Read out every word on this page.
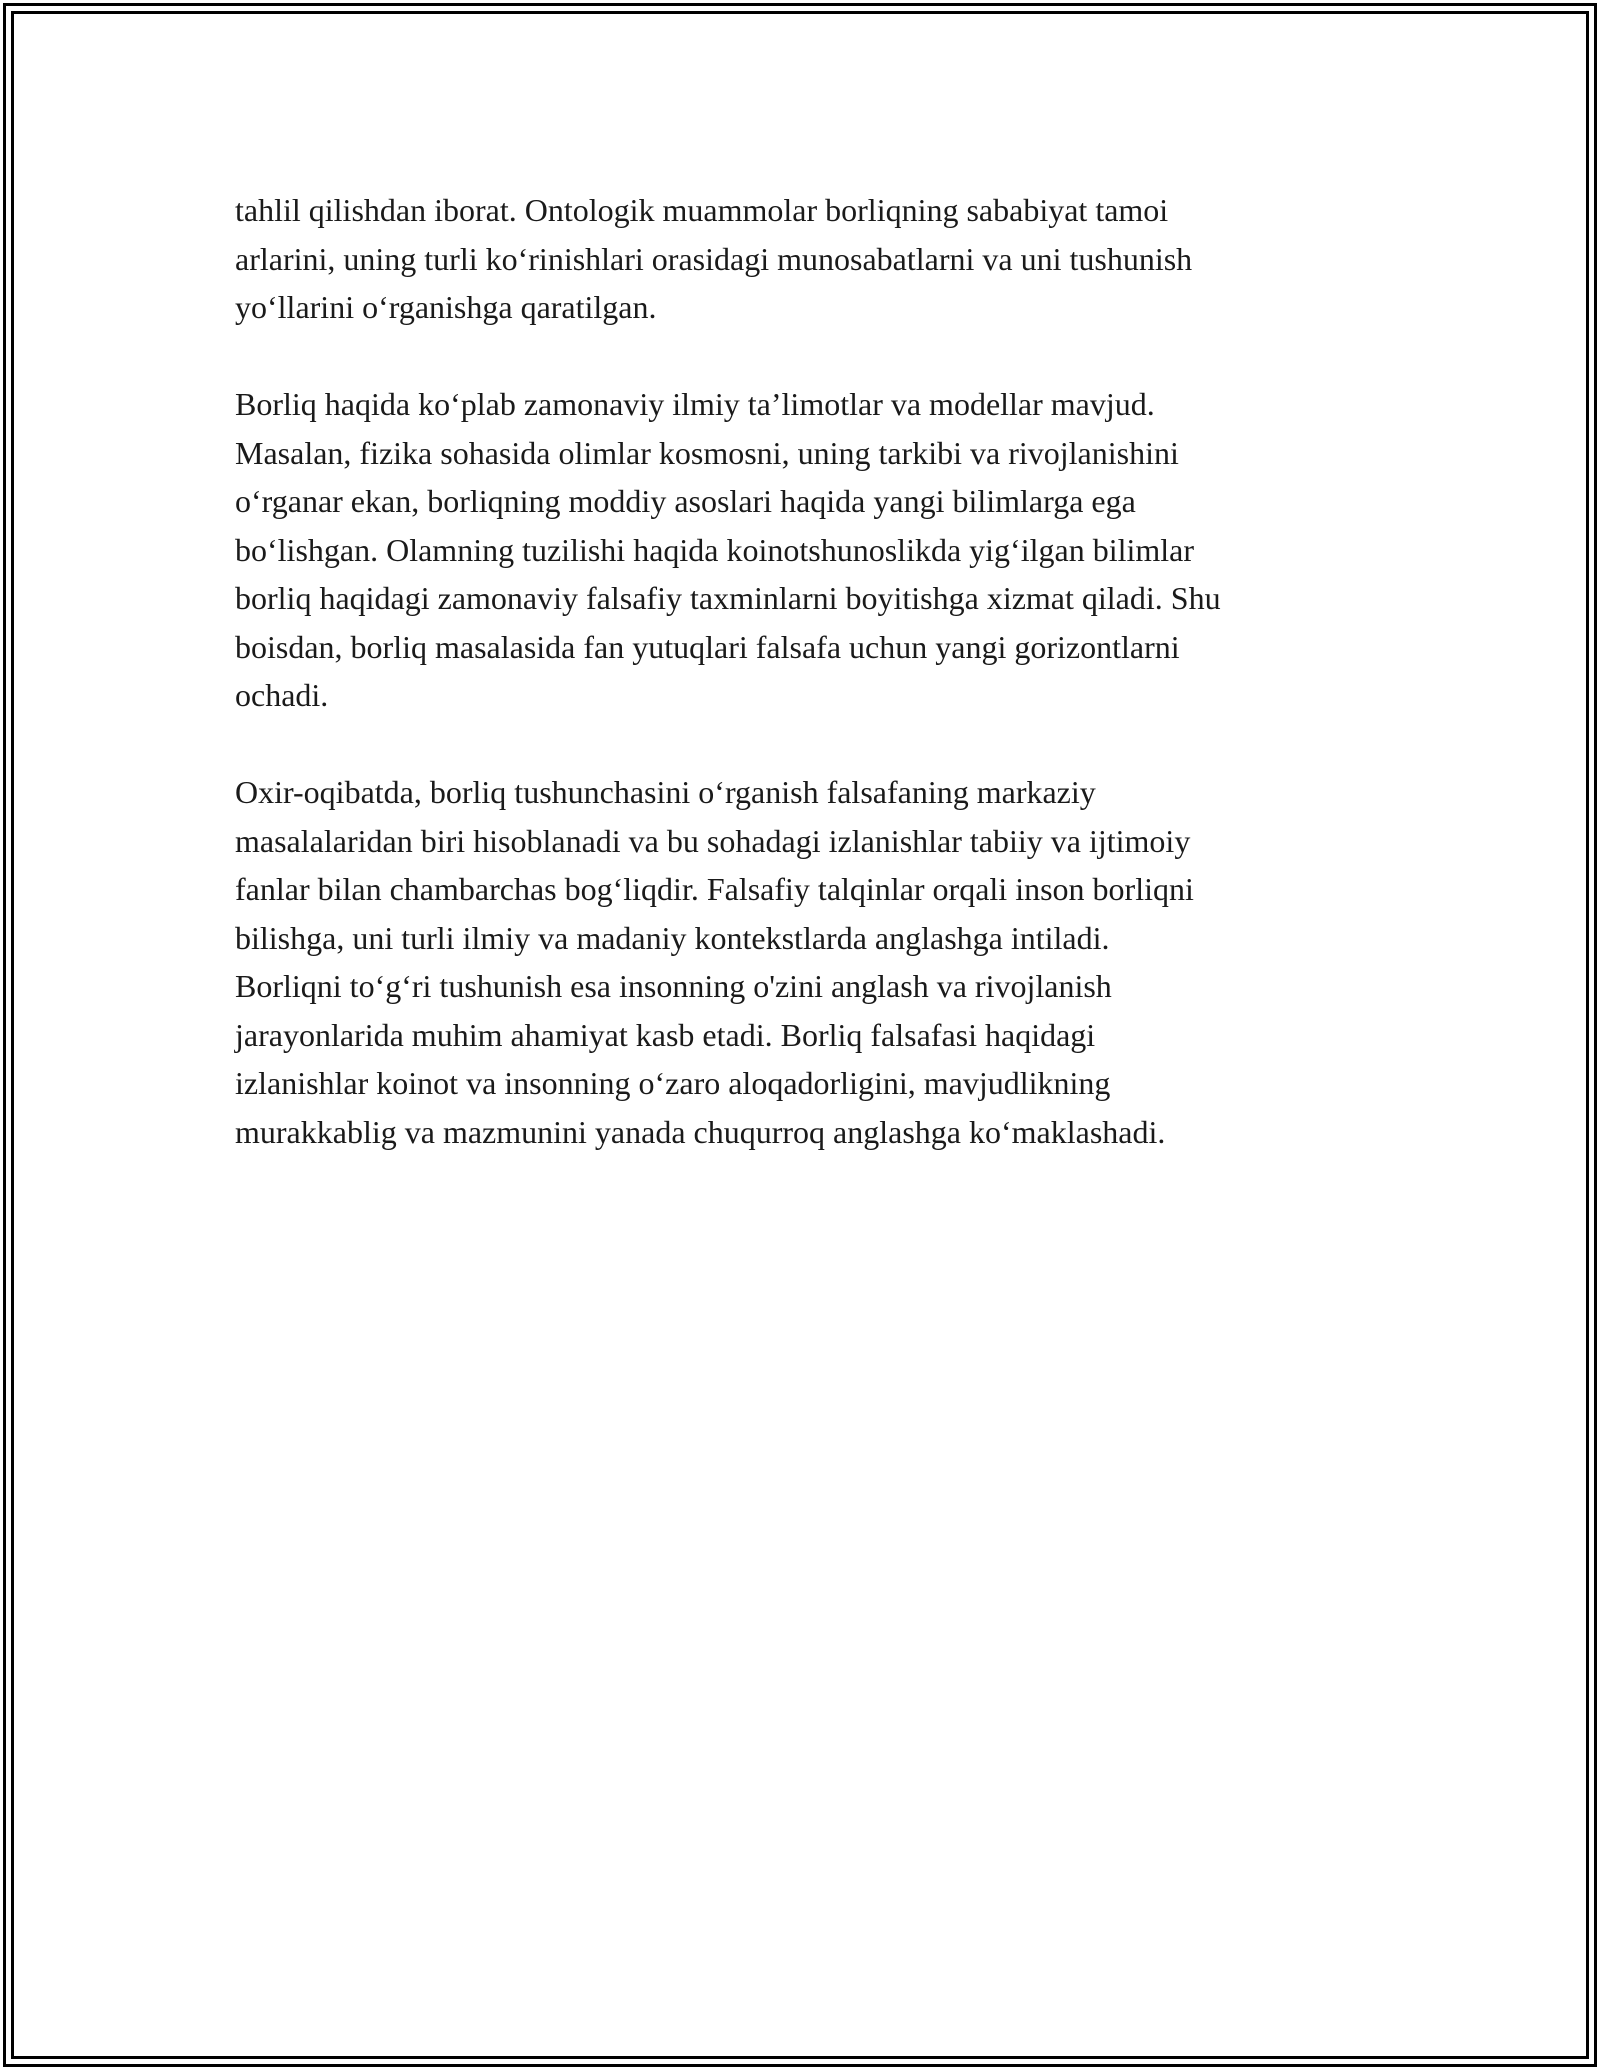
tahlil qilishdan iborat. Ontologik muammolar borliqning sababiyat tamoi
arlarini, uning turli ko‘rinishlari orasidagi munosabatlarni va uni tushunish
yo‘llarini o‘rganishga qaratilgan.

Borliq haqida ko‘plab zamonaviy ilmiy ta’limotlar va modellar mavjud.
Masalan, fizika sohasida olimlar kosmosni, uning tarkibi va rivojlanishini
o‘rganar ekan, borliqning moddiy asoslari haqida yangi bilimlarga ega
bo‘lishgan. Olamning tuzilishi haqida koinotshunoslikda yig‘ilgan bilimlar
borliq haqidagi zamonaviy falsafiy taxminlarni boyitishga xizmat qiladi. Shu
boisdan, borliq masalasida fan yutuqlari falsafa uchun yangi gorizontlarni
ochadi.

Oxir-oqibatda, borliq tushunchasini o‘rganish falsafaning markaziy
masalalaridan biri hisoblanadi va bu sohadagi izlanishlar tabiiy va ijtimoiy
fanlar bilan chambarchas bog‘liqdir. Falsafiy talqinlar orqali inson borliqni
bilishga, uni turli ilmiy va madaniy kontekstlarda anglashga intiladi.
Borliqni to‘g‘ri tushunish esa insonning o'zini anglash va rivojlanish
jarayonlarida muhim ahamiyat kasb etadi. Borliq falsafasi haqidagi
izlanishlar koinot va insonning o‘zaro aloqadorligini, mavjudlikning
murakkablig va mazmunini yanada chuqurroq anglashga ko‘maklashadi.
